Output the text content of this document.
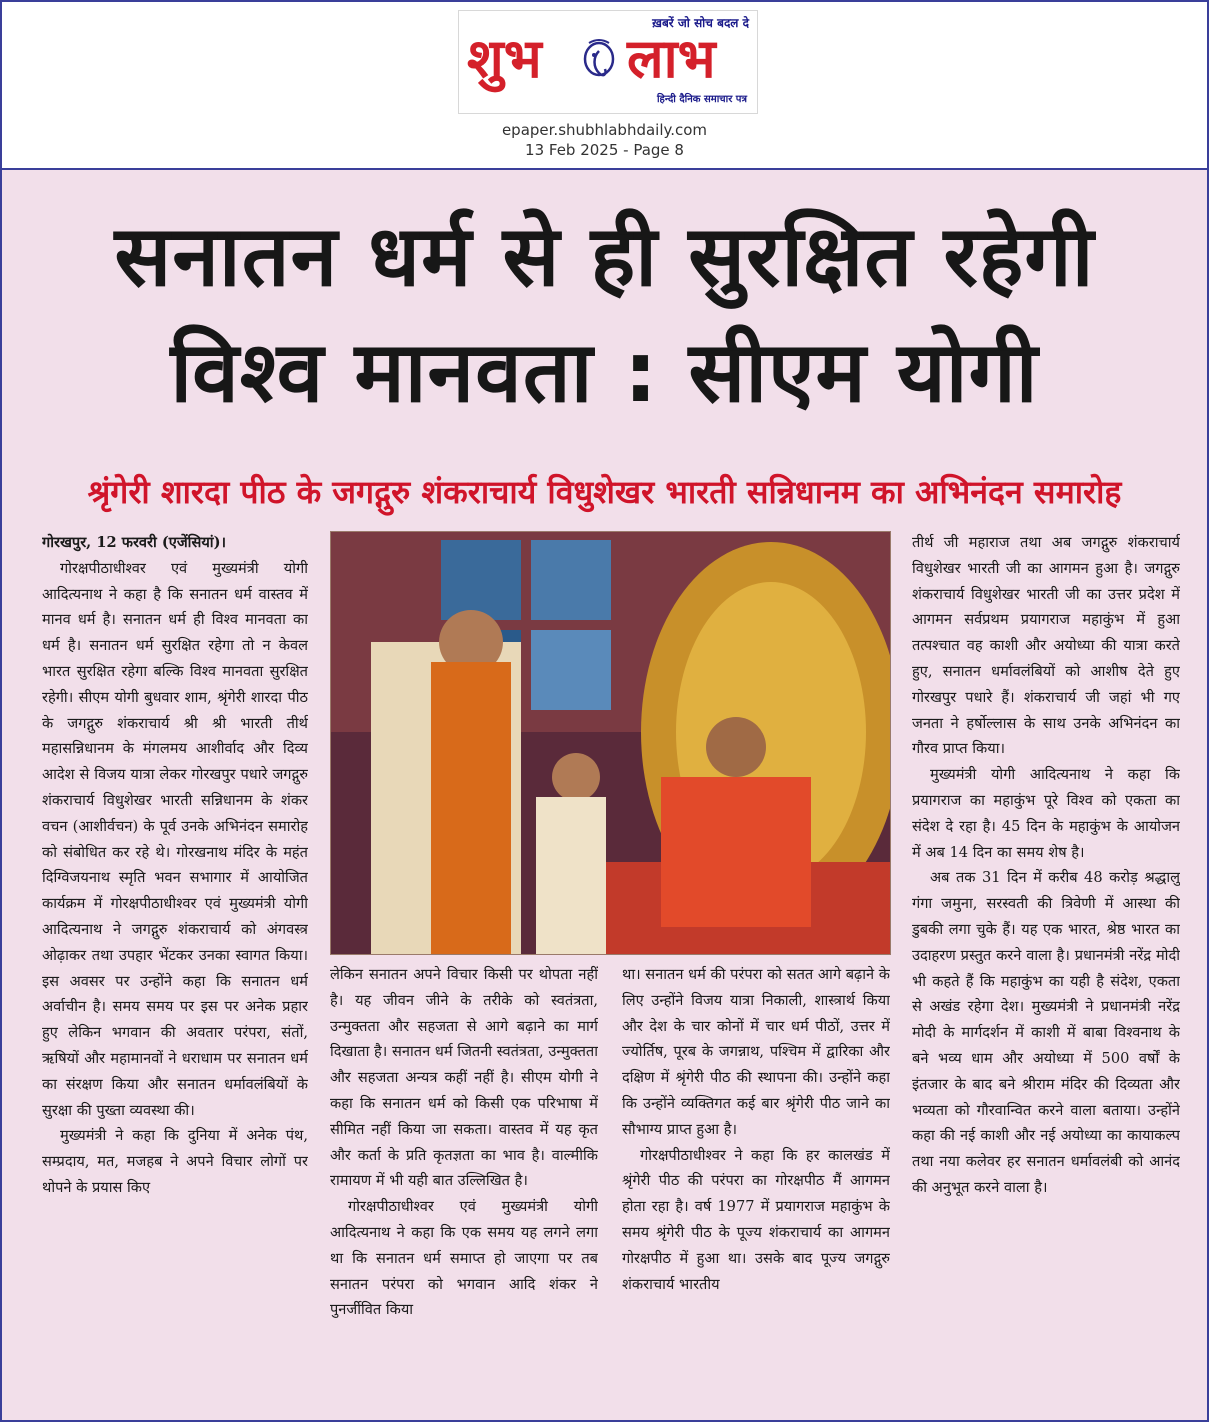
ख़बरें जो सोच बदल दे
शुभ लाभ
हिन्दी दैनिक समाचार पत्र
epaper.shubhlabhdaily.com
13 Feb 2025 - Page 8
सनातन धर्म से ही सुरक्षित रहेगी
विश्व मानवता : सीएम योगी
श्रृंगेरी शारदा पीठ के जगद्गुरु शंकराचार्य विधुशेखर भारती सन्निधानम का अभिनंदन समारोह
गोरखपुर, 12 फरवरी (एजेंसियां)।

गोरक्षपीठाधीश्वर एवं मुख्यमंत्री योगी आदित्यनाथ ने कहा है कि सनातन धर्म वास्तव में मानव धर्म है। सनातन धर्म ही विश्व मानवता का धर्म है। सनातन धर्म सुरक्षित रहेगा तो न केवल भारत सुरक्षित रहेगा बल्कि विश्व मानवता सुरक्षित रहेगी। सीएम योगी बुधवार शाम, श्रृंगेरी शारदा पीठ के जगद्गुरु शंकराचार्य श्री श्री भारती तीर्थ महासन्निधानम के मंगलमय आशीर्वाद और दिव्य आदेश से विजय यात्रा लेकर गोरखपुर पधारे जगद्गुरु शंकराचार्य विधुशेखर भारती सन्निधानम के शंकर वचन (आशीर्वचन) के पूर्व उनके अभिनंदन समारोह को संबोधित कर रहे थे। गोरखनाथ मंदिर के महंत दिग्विजयनाथ स्मृति भवन सभागार में आयोजित कार्यक्रम में गोरक्षपीठाधीश्वर एवं मुख्यमंत्री योगी आदित्यनाथ ने जगद्गुरु शंकराचार्य को अंगवस्त्र ओढ़ाकर तथा उपहार भेंटकर उनका स्वागत किया। इस अवसर पर उन्होंने कहा कि सनातन धर्म अर्वाचीन है। समय समय पर इस पर अनेक प्रहार हुए लेकिन भगवान की अवतार परंपरा, संतों, ऋषियों और महामानवों ने धराधाम पर सनातन धर्म का संरक्षण किया और सनातन धर्मावलंबियों के सुरक्षा की पुख्ता व्यवस्था की।

मुख्यमंत्री ने कहा कि दुनिया में अनेक पंथ, सम्प्रदाय, मत, मजहब ने अपने विचार लोगों पर थोपने के प्रयास किए

लेकिन सनातन अपने विचार किसी पर थोपता नहीं है। यह जीवन जीने के तरीके को स्वतंत्रता, उन्मुक्तता और सहजता से आगे बढ़ाने का मार्ग दिखाता है। सनातन धर्म जितनी स्वतंत्रता, उन्मुक्तता और सहजता अन्यत्र कहीं नहीं है। सीएम योगी ने कहा कि सनातन धर्म को किसी एक परिभाषा में सीमित नहीं किया जा सकता। वास्तव में यह कृत और कर्ता के प्रति कृतज्ञता का भाव है। वाल्मीकि रामायण में भी यही बात उल्लिखित है।

गोरक्षपीठाधीश्वर एवं मुख्यमंत्री योगी आदित्यनाथ ने कहा कि एक समय यह लगने लगा था कि सनातन धर्म समाप्त हो जाएगा पर तब सनातन परंपरा को भगवान आदि शंकर ने पुनर्जीवित किया

था। सनातन धर्म की परंपरा को सतत आगे बढ़ाने के लिए उन्होंने विजय यात्रा निकाली, शास्त्रार्थ किया और देश के चार कोनों में चार धर्म पीठों, उत्तर में ज्योर्तिष, पूरब के जगन्नाथ, पश्चिम में द्वारिका और दक्षिण में श्रृंगेरी पीठ की स्थापना की। उन्होंने कहा कि उन्होंने व्यक्तिगत कई बार श्रृंगेरी पीठ जाने का सौभाग्य प्राप्त हुआ है।

गोरक्षपीठाधीश्वर ने कहा कि हर कालखंड में श्रृंगेरी पीठ की परंपरा का गोरक्षपीठ मैं आगमन होता रहा है। वर्ष 1977 में प्रयागराज महाकुंभ के समय श्रृंगेरी पीठ के पूज्य शंकराचार्य का आगमन गोरक्षपीठ में हुआ था। उसके बाद पूज्य जगद्गुरु शंकराचार्य भारतीय

तीर्थ जी महाराज तथा अब जगद्गुरु शंकराचार्य विधुशेखर भारती जी का आगमन हुआ है। जगद्गुरु शंकराचार्य विधुशेखर भारती जी का उत्तर प्रदेश में आगमन सर्वप्रथम प्रयागराज महाकुंभ में हुआ तत्पश्चात वह काशी और अयोध्या की यात्रा करते हुए, सनातन धर्मावलंबियों को आशीष देते हुए गोरखपुर पधारे हैं। शंकराचार्य जी जहां भी गए जनता ने हर्षोल्लास के साथ उनके अभिनंदन का गौरव प्राप्त किया।

मुख्यमंत्री योगी आदित्यनाथ ने कहा कि प्रयागराज का महाकुंभ पूरे विश्व को एकता का संदेश दे रहा है। 45 दिन के महाकुंभ के आयोजन में अब 14 दिन का समय शेष है।

अब तक 31 दिन में करीब 48 करोड़ श्रद्धालु गंगा जमुना, सरस्वती की त्रिवेणी में आस्था की डुबकी लगा चुके हैं। यह एक भारत, श्रेष्ठ भारत का उदाहरण प्रस्तुत करने वाला है। प्रधानमंत्री नरेंद्र मोदी भी कहते हैं कि महाकुंभ का यही है संदेश, एकता से अखंड रहेगा देश। मुख्यमंत्री ने प्रधानमंत्री नरेंद्र मोदी के मार्गदर्शन में काशी में बाबा विश्वनाथ के बने भव्य धाम और अयोध्या में 500 वर्षों के इंतजार के बाद बने श्रीराम मंदिर की दिव्यता और भव्यता को गौरवान्वित करने वाला बताया। उन्होंने कहा की नई काशी और नई अयोध्या का कायाकल्प तथा नया कलेवर हर सनातन धर्मावलंबी को आनंद की अनुभूत करने वाला है।
